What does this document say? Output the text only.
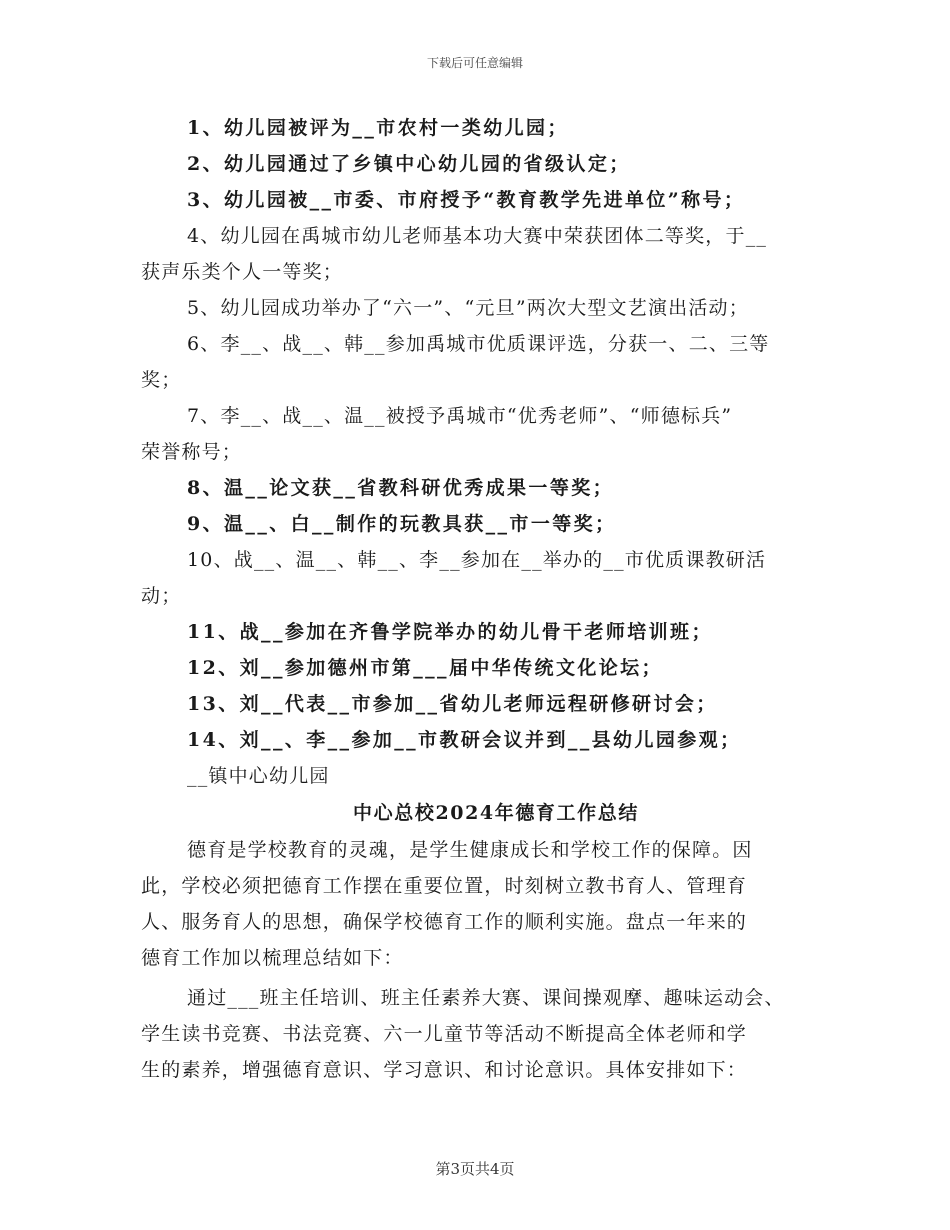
下载后可任意编辑
1、幼儿园被评为__市农村一类幼儿园；
2、幼儿园通过了乡镇中心幼儿园的省级认定；
3、幼儿园被__市委、市府授予“教育教学先进单位”称号；
4、幼儿园在禹城市幼儿老师基本功大赛中荣获团体二等奖，于__
获声乐类个人一等奖；
5、幼儿园成功举办了“六一”、“元旦”两次大型文艺演出活动；
6、李__、战__、韩__参加禹城市优质课评选，分获一、二、三等
奖；
7、李__、战__、温__被授予禹城市“优秀老师”、“师德标兵”
荣誉称号；
8、温__论文获__省教科研优秀成果一等奖；
9、温__、白__制作的玩教具获__市一等奖；
10、战__、温__、韩__、李__参加在__举办的__市优质课教研活
动；
11、战__参加在齐鲁学院举办的幼儿骨干老师培训班；
12、刘__参加德州市第___届中华传统文化论坛；
13、刘__代表__市参加__省幼儿老师远程研修研讨会；
14、刘__、李__参加__市教研会议并到__县幼儿园参观；
__镇中心幼儿园
中心总校2024年德育工作总结
德育是学校教育的灵魂，是学生健康成长和学校工作的保障。因
此，学校必须把德育工作摆在重要位置，时刻树立教书育人、管理育
人、服务育人的思想，确保学校德育工作的顺利实施。盘点一年来的
德育工作加以梳理总结如下：
通过___班主任培训、班主任素养大赛、课间操观摩、趣味运动会、
学生读书竞赛、书法竞赛、六一儿童节等活动不断提高全体老师和学
生的素养，增强德育意识、学习意识、和讨论意识。具体安排如下：
第3页共4页
